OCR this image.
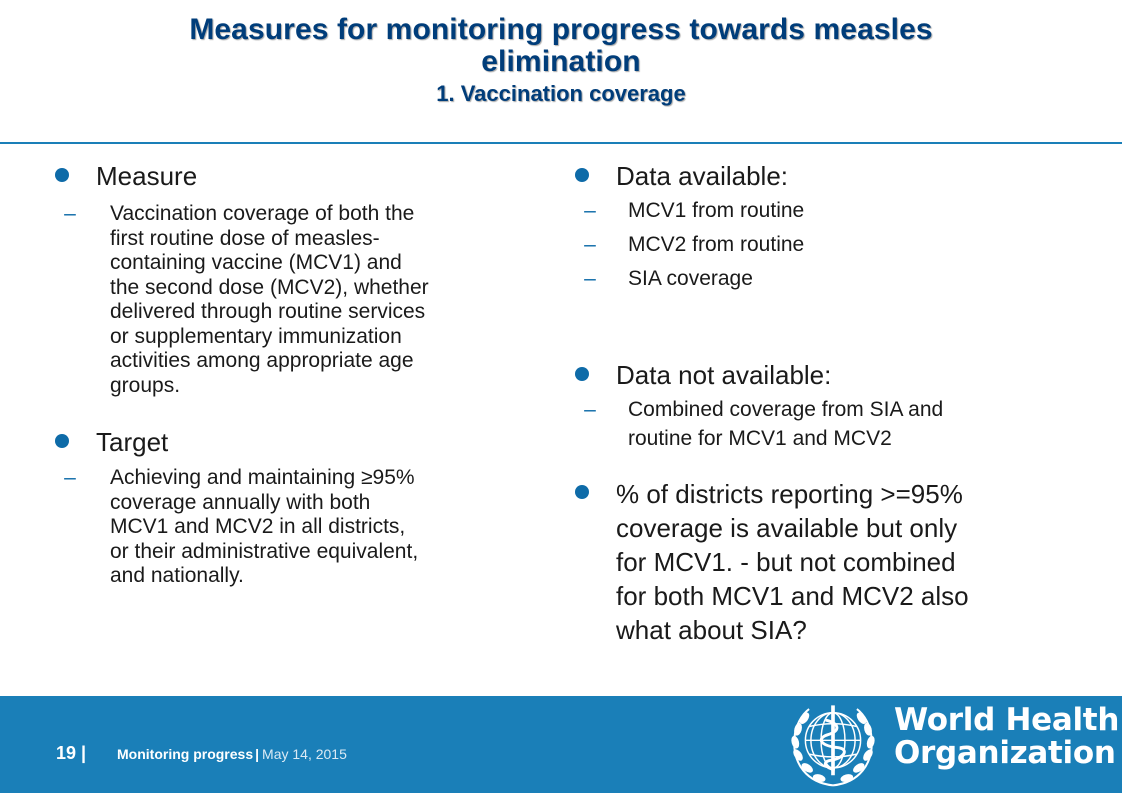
Measures for monitoring progress towards measles
elimination
1. Vaccination coverage
Measure
–	Vaccination coverage of both the
first routine dose of measles-
containing vaccine (MCV1) and
the second dose (MCV2), whether
delivered through routine services
or supplementary immunization
activities among appropriate age
groups.
Target
–	Achieving and maintaining ≥95%
coverage annually with both
MCV1 and MCV2 in all districts,
or their administrative equivalent,
and nationally.
Data available:
–	MCV1 from routine
–	MCV2 from routine
–	SIA coverage
Data not available:
–	Combined coverage from SIA and
routine for MCV1 and MCV2
% of districts reporting >=95%
coverage is available but only
for MCV1. - but not combined
for both MCV1 and MCV2 also
what about SIA?
19 | Monitoring progress | May 14, 2015
World Health
Organization
